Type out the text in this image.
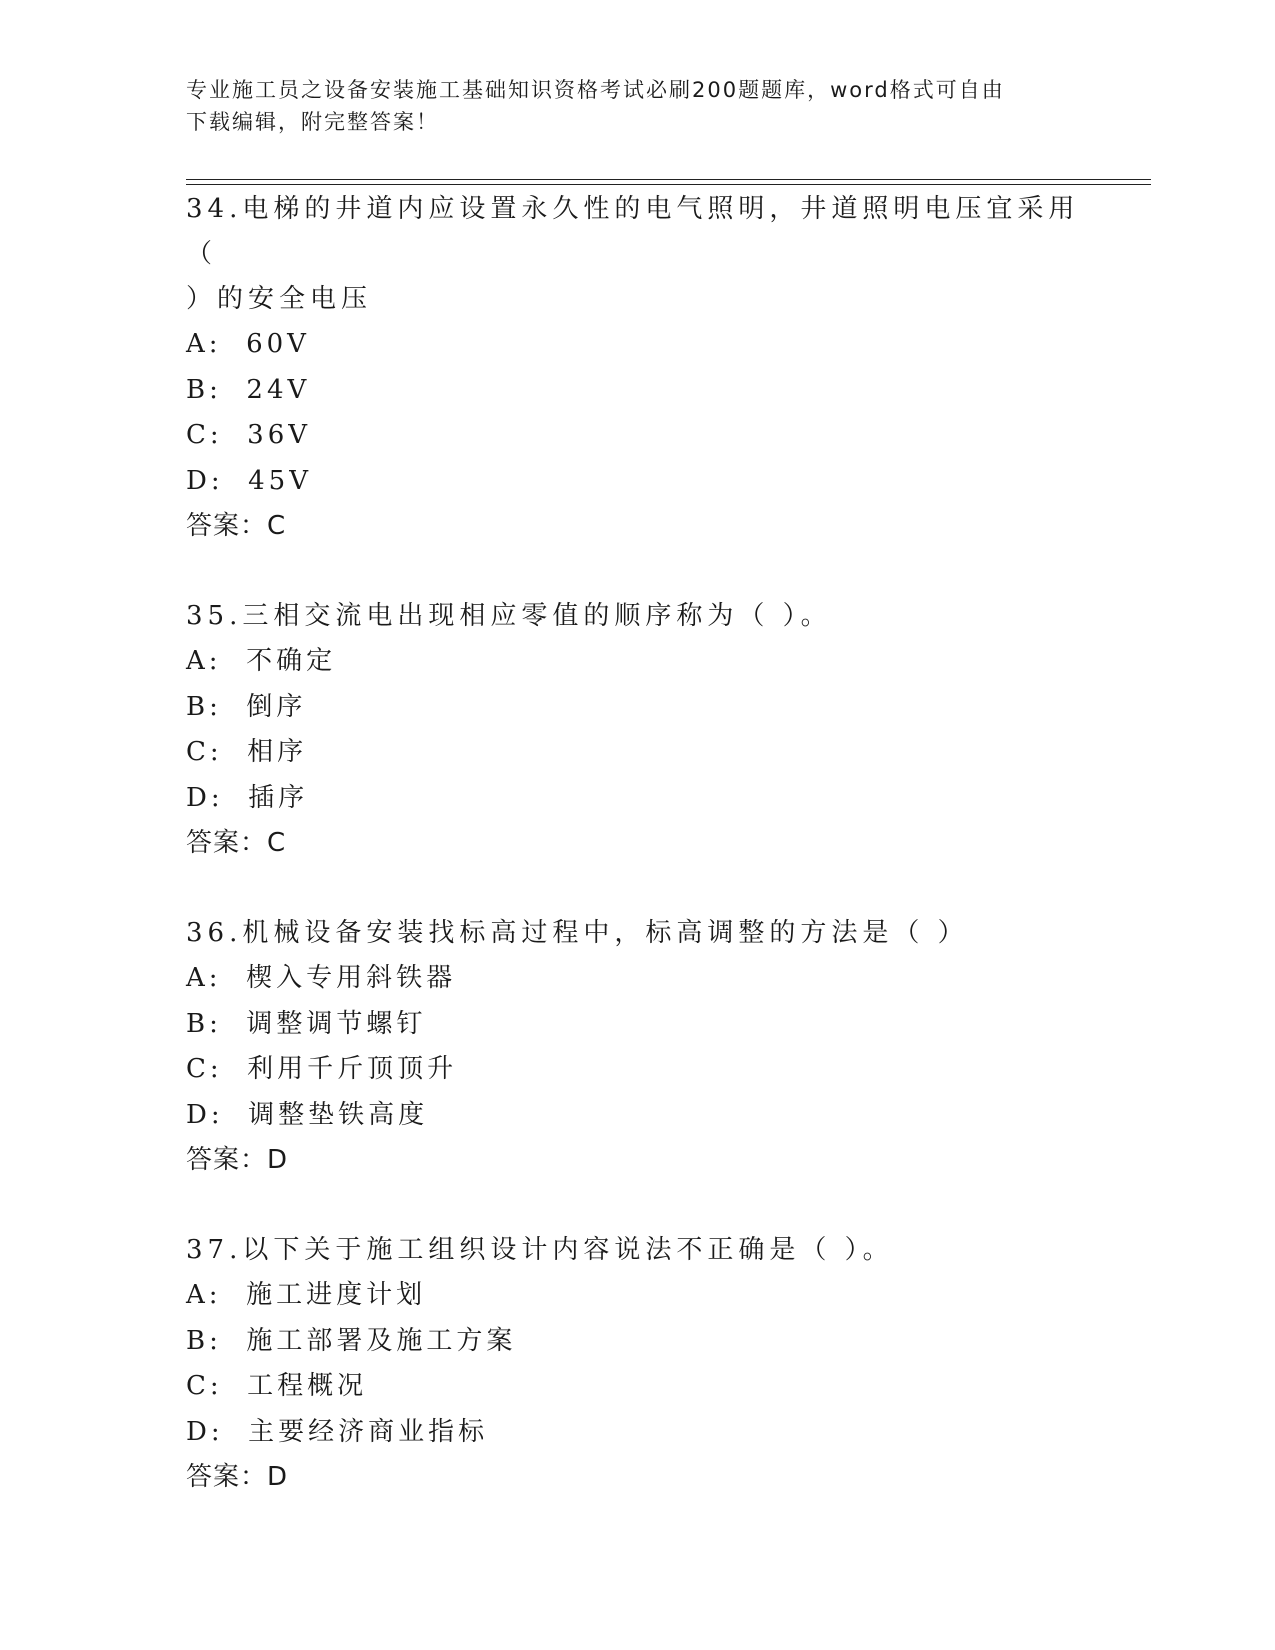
专业施工员之设备安装施工基础知识资格考试必刷200题题库，word格式可自由
下载编辑，附完整答案！
34.电梯的井道内应设置永久性的电气照明，井道照明电压宜采用（
）的安全电压
A:  60V
B:  24V
C:  36V
D:  45V
答案：C
35.三相交流电出现相应零值的顺序称为（ ）。
A:  不确定
B:  倒序
C:  相序
D:  插序
答案：C
36.机械设备安装找标高过程中，标高调整的方法是（ ）
A:  楔入专用斜铁器
B:  调整调节螺钉
C:  利用千斤顶顶升
D:  调整垫铁高度
答案：D
37.以下关于施工组织设计内容说法不正确是（ ）。
A:  施工进度计划
B:  施工部署及施工方案
C:  工程概况
D:  主要经济商业指标
答案：D
